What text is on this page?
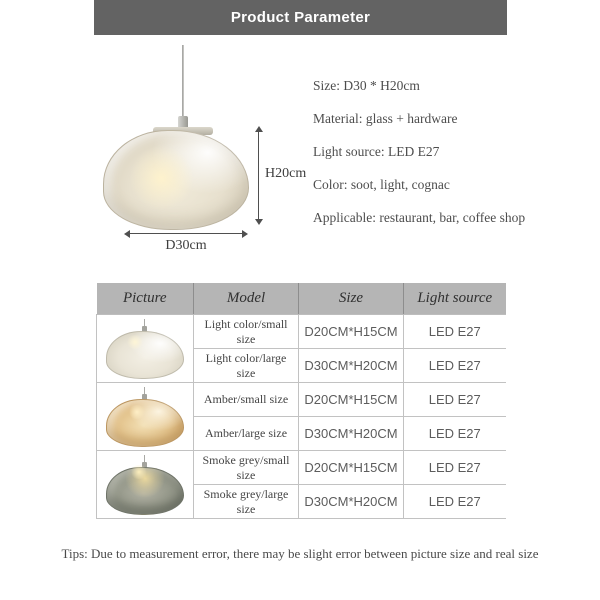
Product Parameter
H20cm
D30cm
Size: D30 * H20cm
Material: glass + hardware
Light source: LED E27
Color: soot, light, cognac
Applicable: restaurant, bar, coffee shop
Picture	Model	Size	Light source

	Light color/small size	D20CM*H15CM	LED E27
	Light color/large size	D30CM*H20CM	LED E27

	Amber/small size	D20CM*H15CM	LED E27
	Amber/large size	D30CM*H20CM	LED E27

	Smoke grey/small size	D20CM*H15CM	LED E27
	Smoke grey/large size	D30CM*H20CM	LED E27
Tips: Due to measurement error, there may be slight error between picture size and real size
